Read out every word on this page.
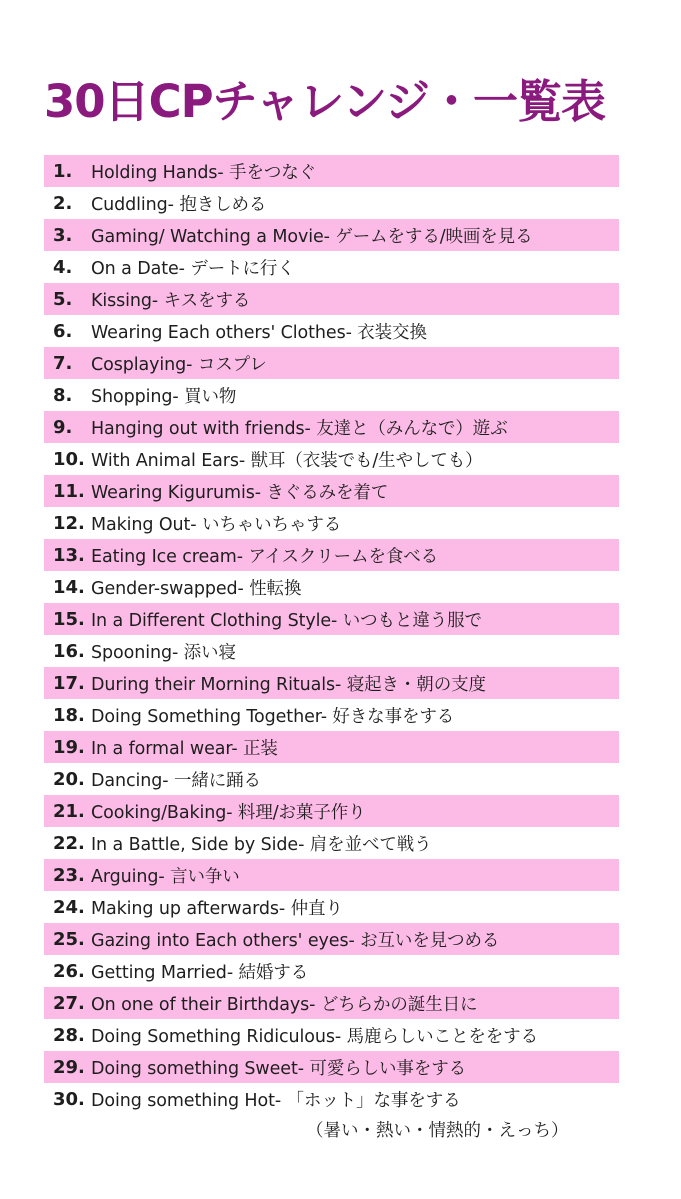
30日CPチャレンジ・一覧表
1.	Holding Hands- 手をつなぐ
2.	Cuddling- 抱きしめる
3.	Gaming/ Watching a Movie- ゲームをする/映画を見る
4.	On a Date- デートに行く
5.	Kissing- キスをする
6.	Wearing Each others' Clothes- 衣装交換
7.	Cosplaying- コスプレ
8.	Shopping- 買い物
9.	Hanging out with friends- 友達と（みんなで）遊ぶ
10. With Animal Ears- 獣耳（衣装でも/生やしても）
11. Wearing Kigurumis- きぐるみを着て
12. Making Out- いちゃいちゃする
13. Eating Ice cream- アイスクリームを食べる
14. Gender-swapped- 性転換
15. In a Different Clothing Style- いつもと違う服で
16. Spooning- 添い寝
17. During their Morning Rituals- 寝起き・朝の支度
18. Doing Something Together- 好きな事をする
19. In a formal wear- 正装
20. Dancing- 一緒に踊る
21. Cooking/Baking- 料理/お菓子作り
22. In a Battle, Side by Side- 肩を並べて戦う
23. Arguing- 言い争い
24. Making up afterwards- 仲直り
25. Gazing into Each others' eyes- お互いを見つめる
26. Getting Married- 結婚する
27. On one of their Birthdays- どちらかの誕生日に
28. Doing Something Ridiculous- 馬鹿らしいことををする
29. Doing something Sweet- 可愛らしい事をする
30. Doing something Hot- 「ホット」な事をする
（暑い・熱い・情熱的・えっち）
